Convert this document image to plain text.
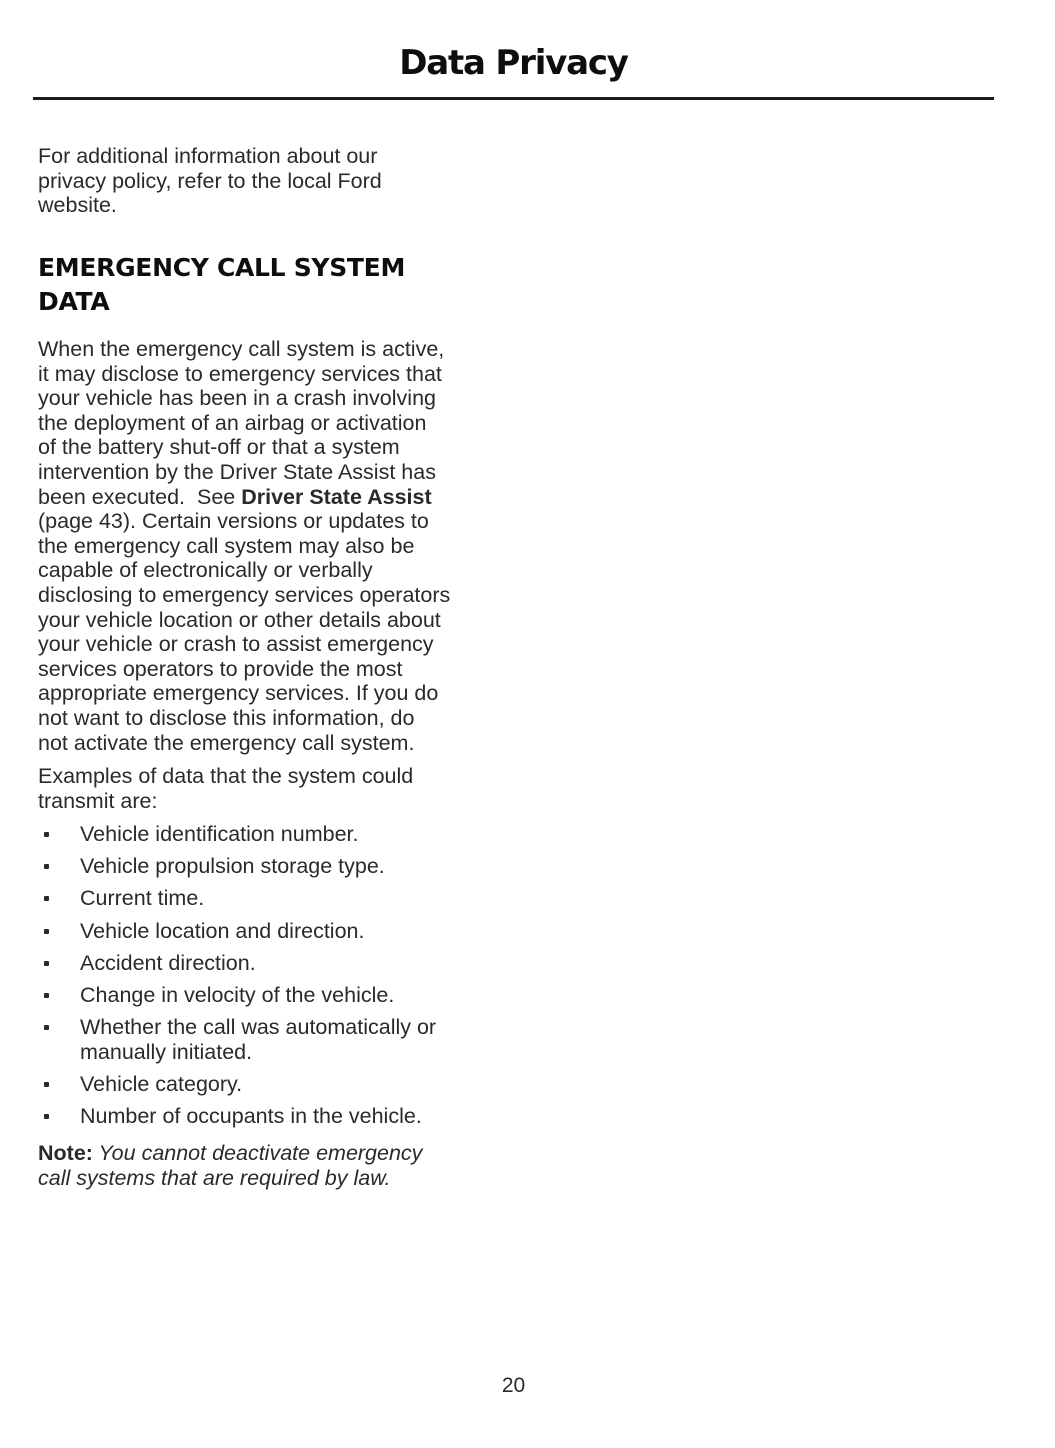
Data Privacy
For additional information about our
privacy policy, refer to the local Ford
website.
EMERGENCY CALL SYSTEM
DATA
When the emergency call system is active,
it may disclose to emergency services that
your vehicle has been in a crash involving
the deployment of an airbag or activation
of the battery shut-off or that a system
intervention by the Driver State Assist has
been executed.  See Driver State Assist
(page 43). Certain versions or updates to
the emergency call system may also be
capable of electronically or verbally
disclosing to emergency services operators
your vehicle location or other details about
your vehicle or crash to assist emergency
services operators to provide the most
appropriate emergency services. If you do
not want to disclose this information, do
not activate the emergency call system.
Examples of data that the system could
transmit are:
Vehicle identification number.
Vehicle propulsion storage type.
Current time.
Vehicle location and direction.
Accident direction.
Change in velocity of the vehicle.
Whether the call was automatically or
manually initiated.
Vehicle category.
Number of occupants in the vehicle.
Note: You cannot deactivate emergency
call systems that are required by law.
20
